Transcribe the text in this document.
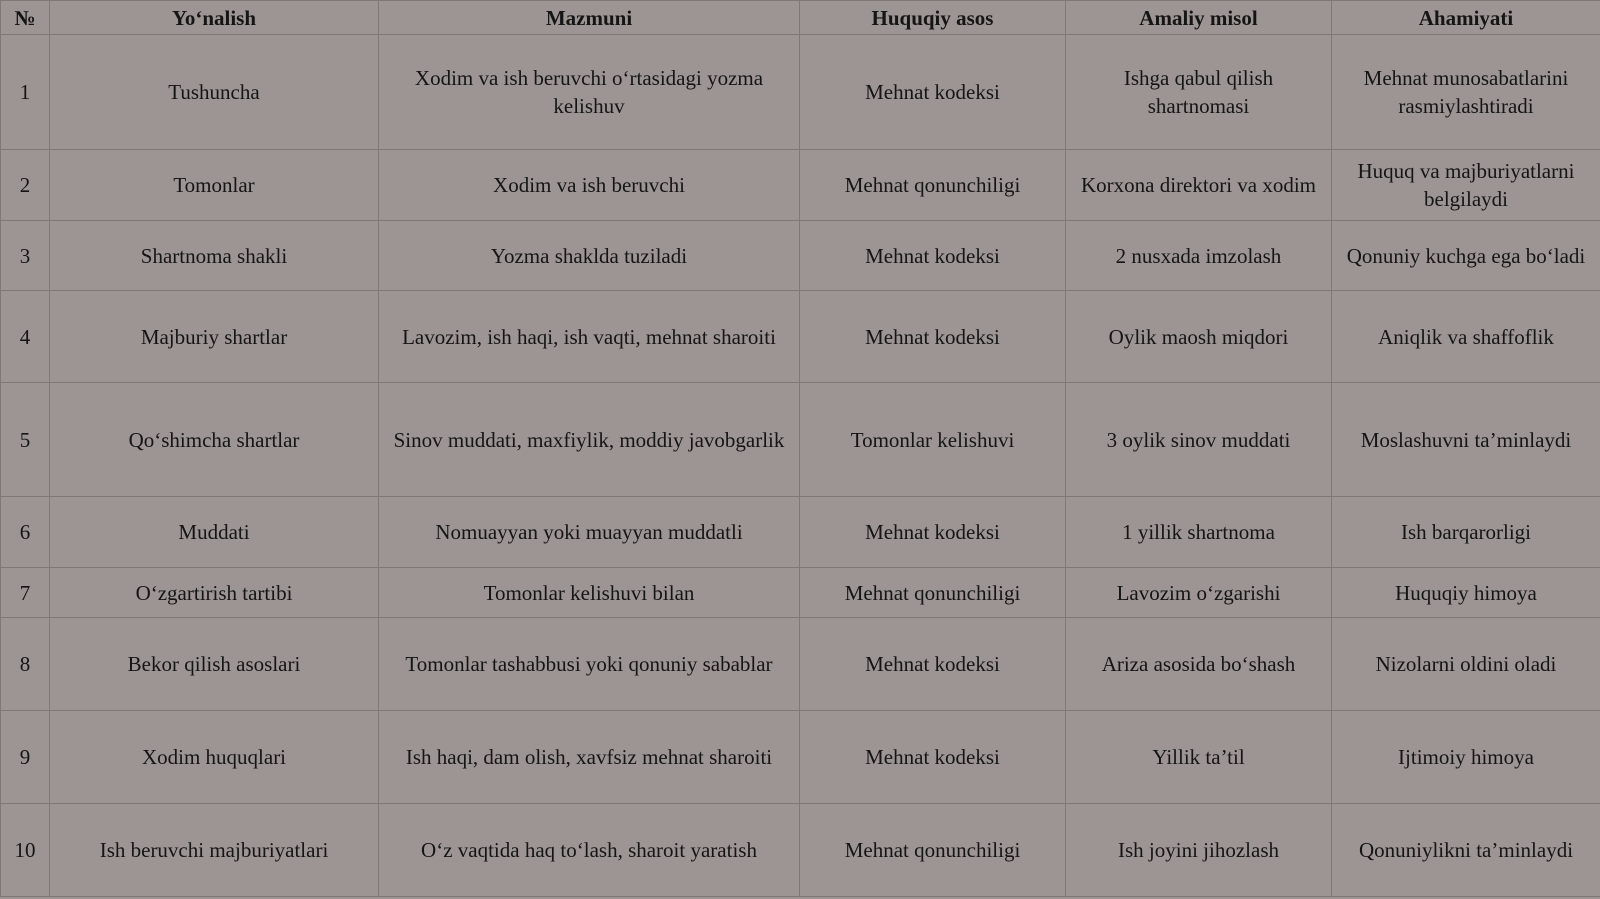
№	Yo‘nalish	Mazmuni	Huquqiy asos	Amaliy misol	Ahamiyati
1	Tushuncha	Xodim va ish beruvchi o‘rtasidagi yozma kelishuv	Mehnat kodeksi	Ishga qabul qilish shartnomasi	Mehnat munosabatlarini rasmiylashtiradi
2	Tomonlar	Xodim va ish beruvchi	Mehnat qonunchiligi	Korxona direktori va xodim	Huquq va majburiyatlarni belgilaydi
3	Shartnoma shakli	Yozma shaklda tuziladi	Mehnat kodeksi	2 nusxada imzolash	Qonuniy kuchga ega bo‘ladi
4	Majburiy shartlar	Lavozim, ish haqi, ish vaqti, mehnat sharoiti	Mehnat kodeksi	Oylik maosh miqdori	Aniqlik va shaffoflik
5	Qo‘shimcha shartlar	Sinov muddati, maxfiylik, moddiy javobgarlik	Tomonlar kelishuvi	3 oylik sinov muddati	Moslashuvni ta’minlaydi
6	Muddati	Nomuayyan yoki muayyan muddatli	Mehnat kodeksi	1 yillik shartnoma	Ish barqarorligi
7	O‘zgartirish tartibi	Tomonlar kelishuvi bilan	Mehnat qonunchiligi	Lavozim o‘zgarishi	Huquqiy himoya
8	Bekor qilish asoslari	Tomonlar tashabbusi yoki qonuniy sabablar	Mehnat kodeksi	Ariza asosida bo‘shash	Nizolarni oldini oladi
9	Xodim huquqlari	Ish haqi, dam olish, xavfsiz mehnat sharoiti	Mehnat kodeksi	Yillik ta’til	Ijtimoiy himoya
10	Ish beruvchi majburiyatlari	O‘z vaqtida haq to‘lash, sharoit yaratish	Mehnat qonunchiligi	Ish joyini jihozlash	Qonuniylikni ta’minlaydi
